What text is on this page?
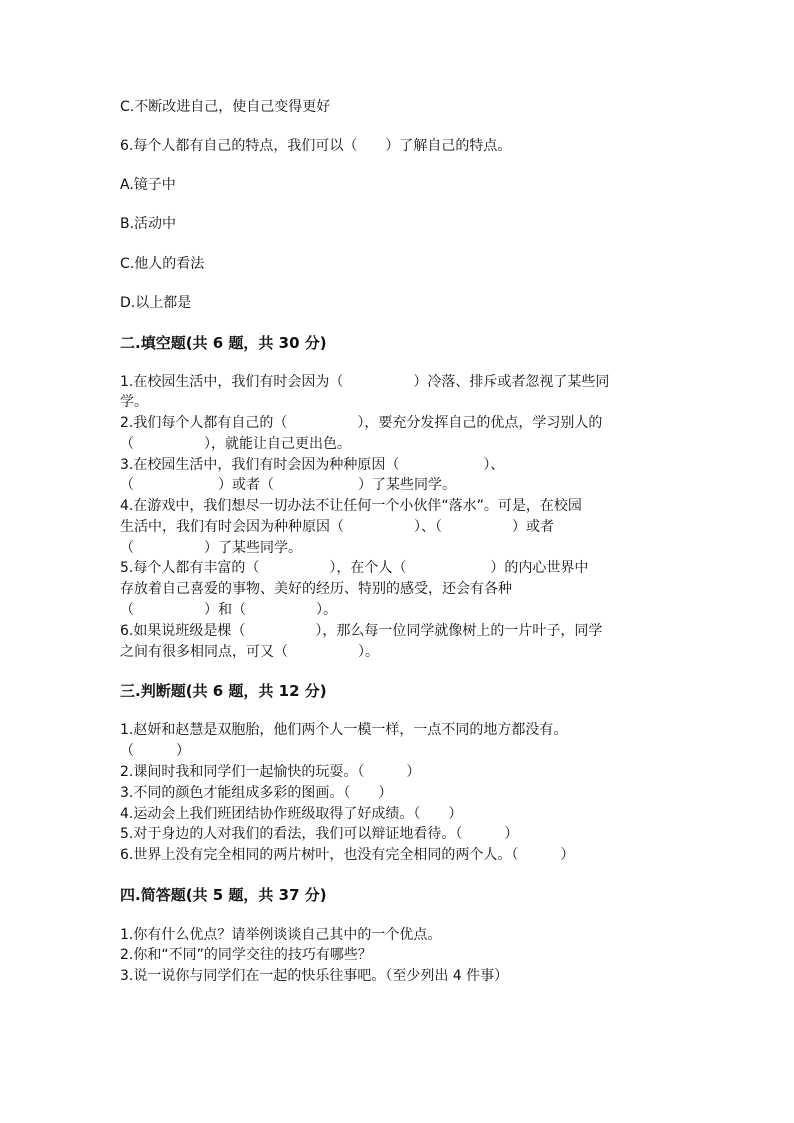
C.不断改进自己，使自己变得更好
6.每个人都有自己的特点，我们可以（　　）了解自己的特点。
A.镜子中
B.活动中
C.他人的看法
D.以上都是
二.填空题(共 6 题，共 30 分)
1.在校园生活中，我们有时会因为（　　　　　）冷落、排斥或者忽视了某些同
学。
2.我们每个人都有自己的（　　　　　），要充分发挥自己的优点，学习别人的
（　　　　　），就能让自己更出色。
3.在校园生活中，我们有时会因为种种原因（　　　　　　）、
（　　　　　　）或者（　　　　　　）了某些同学。
4.在游戏中，我们想尽一切办法不让任何一个小伙伴“落水”。可是，在校园
生活中，我们有时会因为种种原因（　　　　　）、（　　　　　）或者
（　　　　　）了某些同学。
5.每个人都有丰富的（　　　　　），在个人（　　　　　　）的内心世界中
存放着自己喜爱的事物、美好的经历、特别的感受，还会有各种
（　　　　　）和（　　　　　）。
6.如果说班级是棵（　　　　　），那么每一位同学就像树上的一片叶子，同学
之间有很多相同点，可又（　　　　　）。
三.判断题(共 6 题，共 12 分)
1.赵妍和赵慧是双胞胎，他们两个人一模一样，一点不同的地方都没有。
（　　　）
2.课间时我和同学们一起愉快的玩耍。（　　　）
3.不同的颜色才能组成多彩的图画。（　　）
4.运动会上我们班团结协作班级取得了好成绩。（　　）
5.对于身边的人对我们的看法，我们可以辩证地看待。（　　　）
6.世界上没有完全相同的两片树叶，也没有完全相同的两个人。（　　　）
四.简答题(共 5 题，共 37 分)
1.你有什么优点？请举例谈谈自己其中的一个优点。
2.你和“不同”的同学交往的技巧有哪些？
3.说一说你与同学们在一起的快乐往事吧。（至少列出 4 件事）
